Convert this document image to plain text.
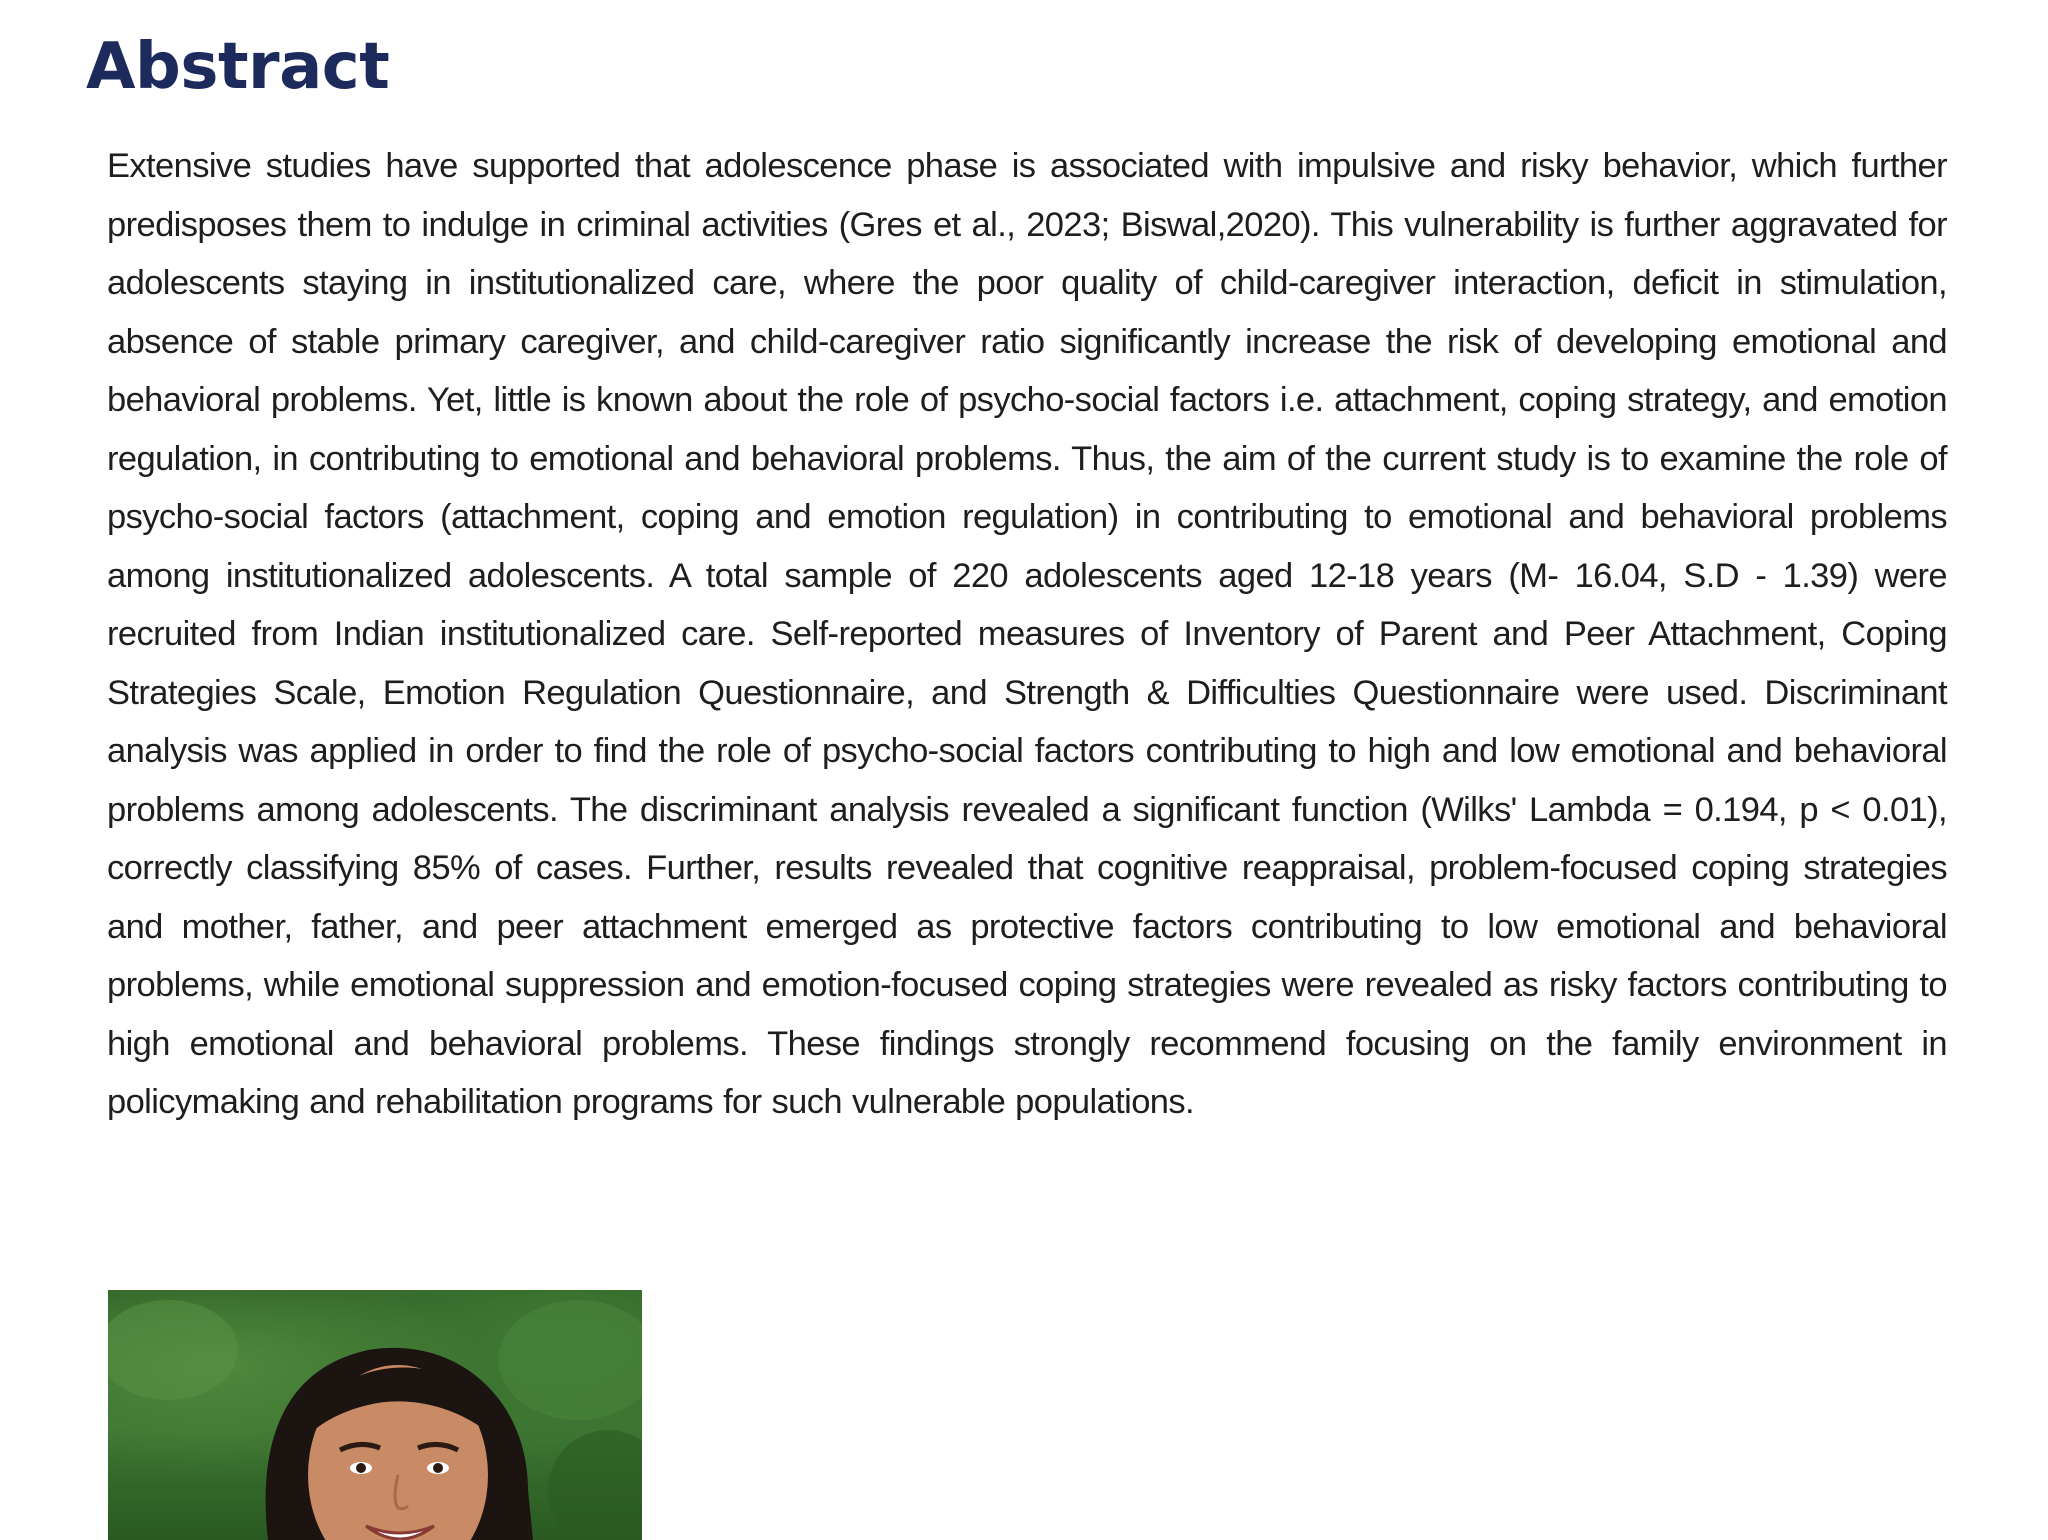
Abstract

Extensive studies have supported that adolescence phase is associated with impulsive and risky behavior, which further predisposes them to indulge in criminal activities (Gres et al., 2023; Biswal,2020). This vulnerability is further aggravated for adolescents staying in institutionalized care, where the poor quality of child-caregiver interaction, deficit in stimulation, absence of stable primary caregiver, and child-caregiver ratio significantly increase the risk of developing emotional and behavioral problems. Yet, little is known about the role of psycho-social factors i.e. attachment, coping strategy, and emotion regulation, in contributing to emotional and behavioral problems. Thus, the aim of the current study is to examine the role of psycho-social factors (attachment, coping and emotion regulation) in contributing to emotional and behavioral problems among institutionalized adolescents. A total sample of 220 adolescents aged 12-18 years (M- 16.04, S.D - 1.39) were recruited from Indian institutionalized care. Self-reported measures of Inventory of Parent and Peer Attachment, Coping Strategies Scale, Emotion Regulation Questionnaire, and Strength & Difficulties Questionnaire were used. Discriminant analysis was applied in order to find the role of psycho-social factors contributing to high and low emotional and behavioral problems among adolescents. The discriminant analysis revealed a significant function (Wilks' Lambda = 0.194, p < 0.01), correctly classifying 85% of cases. Further, results revealed that cognitive reappraisal, problem-focused coping strategies and mother, father, and peer attachment emerged as protective factors contributing to low emotional and behavioral problems, while emotional suppression and emotion-focused coping strategies were revealed as risky factors contributing to high emotional and behavioral problems. These findings strongly recommend focusing on the family environment in policymaking and rehabilitation programs for such vulnerable populations.
